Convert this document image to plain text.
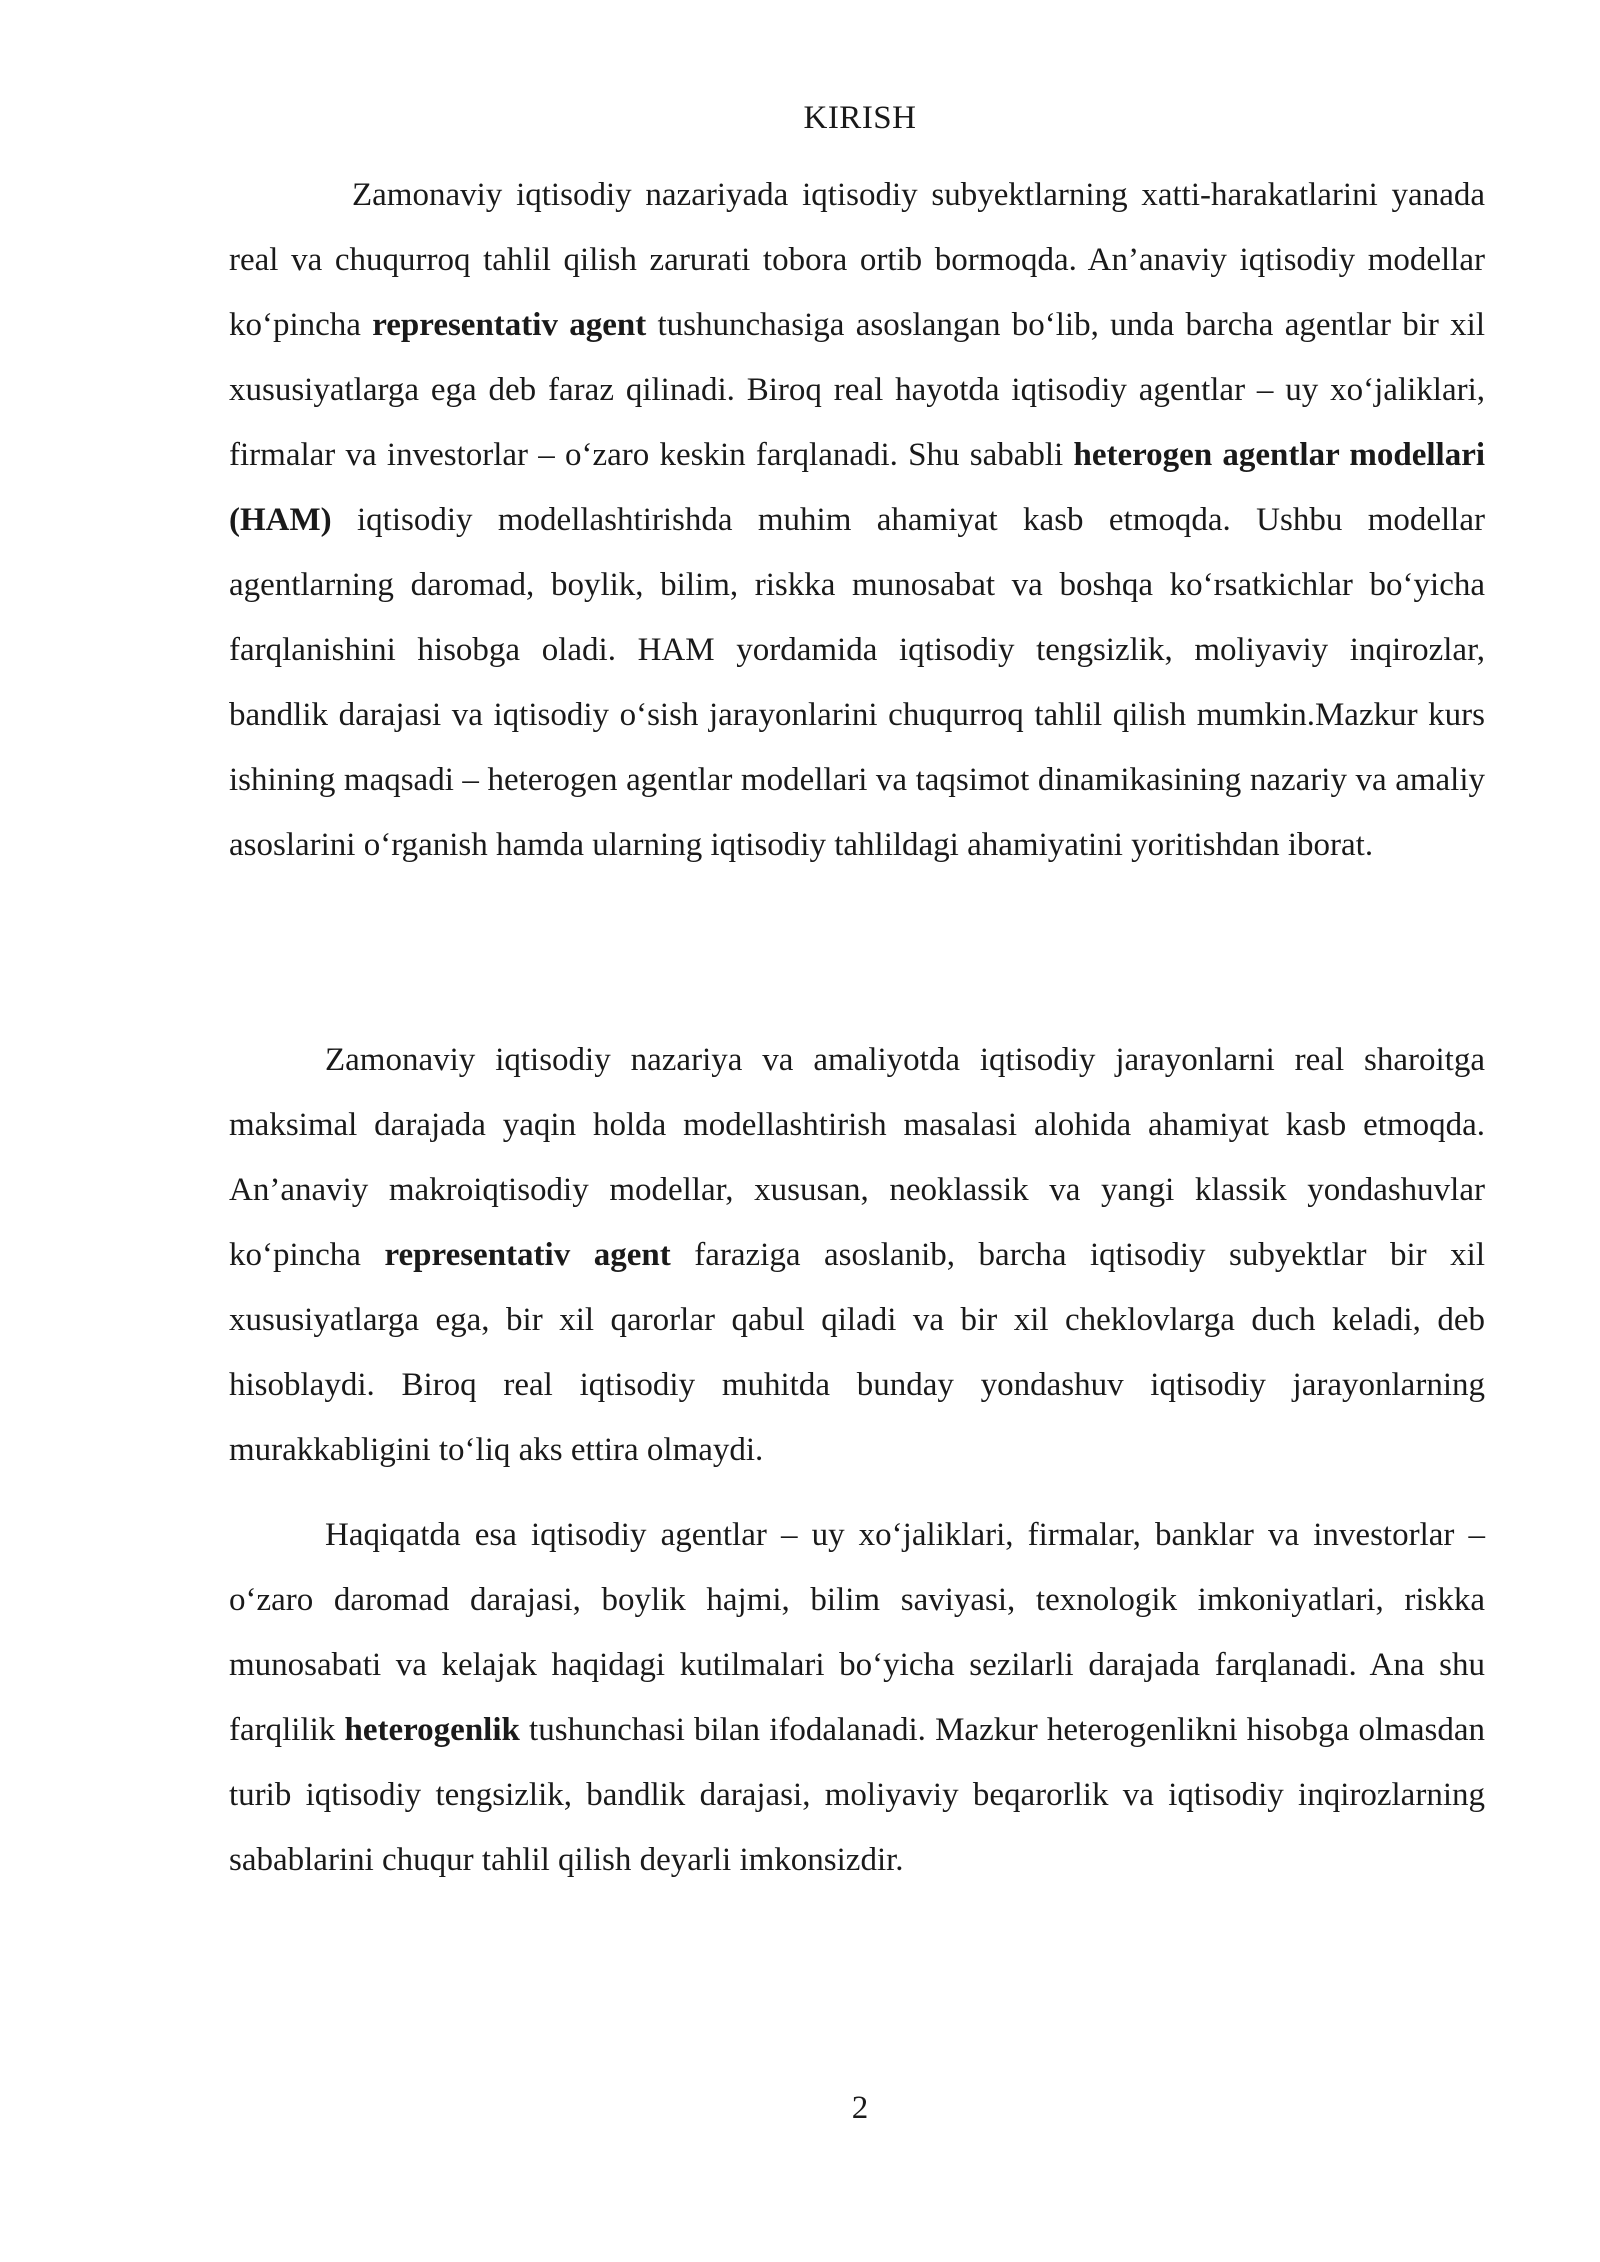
KIRISH

Zamonaviy iqtisodiy nazariyada iqtisodiy subyektlarning xatti-harakatlarini yanada real va chuqurroq tahlil qilish zarurati tobora ortib bormoqda. An’anaviy iqtisodiy modellar ko‘pincha representativ agent tushunchasiga asoslangan bo‘lib, unda barcha agentlar bir xil xususiyatlarga ega deb faraz qilinadi. Biroq real hayotda iqtisodiy agentlar – uy xo‘jaliklari, firmalar va investorlar – o‘zaro keskin farqlanadi. Shu sababli heterogen agentlar modellari (HAM) iqtisodiy modellashtirishda muhim ahamiyat kasb etmoqda. Ushbu modellar agentlarning daromad, boylik, bilim, riskka munosabat va boshqa ko‘rsatkichlar bo‘yicha farqlanishini hisobga oladi. HAM yordamida iqtisodiy tengsizlik, moliyaviy inqirozlar, bandlik darajasi va iqtisodiy o‘sish jarayonlarini chuqurroq tahlil qilish mumkin.Mazkur kurs ishining maqsadi – heterogen agentlar modellari va taqsimot dinamikasining nazariy va amaliy asoslarini o‘rganish hamda ularning iqtisodiy tahlildagi ahamiyatini yoritishdan iborat.

Zamonaviy iqtisodiy nazariya va amaliyotda iqtisodiy jarayonlarni real sharoitga maksimal darajada yaqin holda modellashtirish masalasi alohida ahamiyat kasb etmoqda. An’anaviy makroiqtisodiy modellar, xususan, neoklassik va yangi klassik yondashuvlar ko‘pincha representativ agent faraziga asoslanib, barcha iqtisodiy subyektlar bir xil xususiyatlarga ega, bir xil qarorlar qabul qiladi va bir xil cheklovlarga duch keladi, deb hisoblaydi. Biroq real iqtisodiy muhitda bunday yondashuv iqtisodiy jarayonlarning murakkabligini to‘liq aks ettira olmaydi.

Haqiqatda esa iqtisodiy agentlar – uy xo‘jaliklari, firmalar, banklar va investorlar – o‘zaro daromad darajasi, boylik hajmi, bilim saviyasi, texnologik imkoniyatlari, riskka munosabati va kelajak haqidagi kutilmalari bo‘yicha sezilarli darajada farqlanadi. Ana shu farqlilik heterogenlik tushunchasi bilan ifodalanadi. Mazkur heterogenlikni hisobga olmasdan turib iqtisodiy tengsizlik, bandlik darajasi, moliyaviy beqarorlik va iqtisodiy inqirozlarning sabablarini chuqur tahlil qilish deyarli imkonsizdir.

2
